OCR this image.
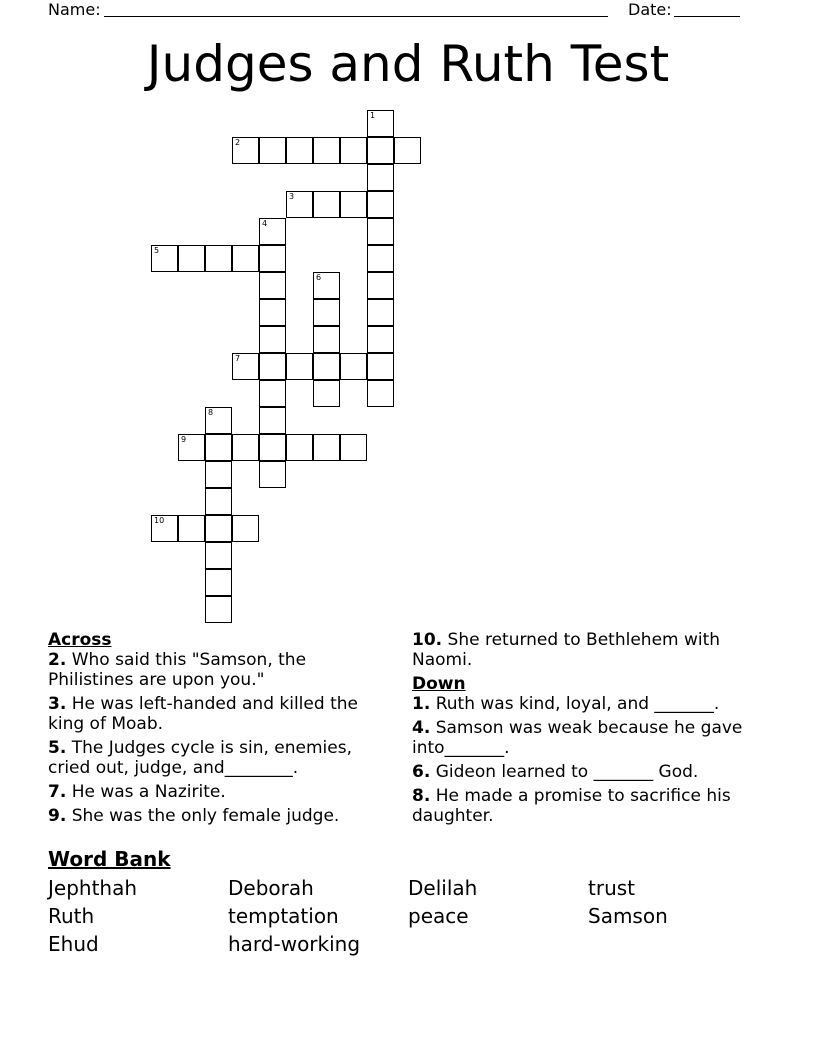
Name:	Date:
Judges and Ruth Test
1
2
3
4
5
6
7
8
9
10
Across
2. Who said this "Samson, the Philistines are upon you."
3. He was left-handed and killed the king of Moab.
5. The Judges cycle is sin, enemies, cried out, judge, and________.
7. He was a Nazirite.
9. She was the only female judge.
10. She returned to Bethlehem with Naomi.
Down
1. Ruth was kind, loyal, and _______.
4. Samson was weak because he gave into_______.
6. Gideon learned to _______ God.
8. He made a promise to sacrifice his daughter.
Word Bank
Jephthah	Deborah	Delilah	trust
Ruth	temptation	peace	Samson
Ehud	hard-working
